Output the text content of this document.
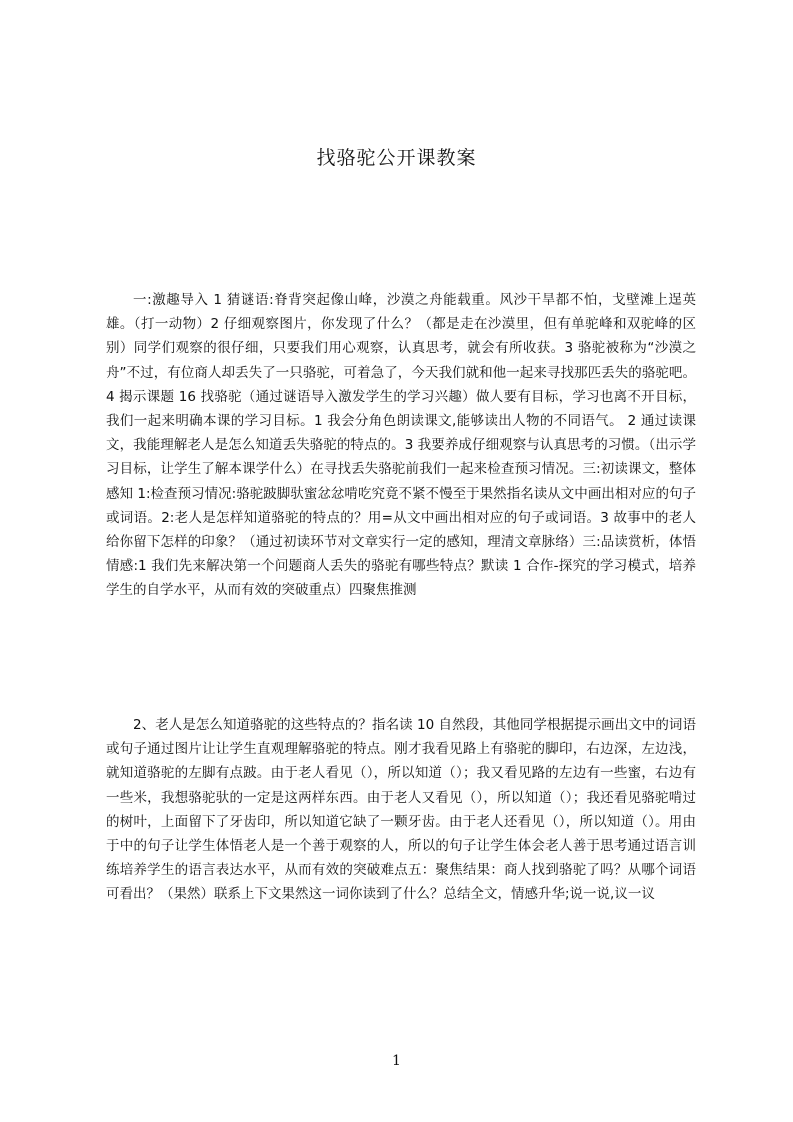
找骆驼公开课教案

一:激趣导入 1 猜谜语:脊背突起像山峰，沙漠之舟能载重。风沙干旱都不怕，戈壁滩上逞英雄。（打一动物）2 仔细观察图片，你发现了什么？（都是走在沙漠里，但有单驼峰和双驼峰的区别）同学们观察的很仔细，只要我们用心观察，认真思考，就会有所收获。3 骆驼被称为“沙漠之舟”不过，有位商人却丢失了一只骆驼，可着急了，今天我们就和他一起来寻找那匹丢失的骆驼吧。4 揭示课题 16 找骆驼（通过谜语导入激发学生的学习兴趣）做人要有目标，学习也离不开目标，我们一起来明确本课的学习目标。1 我会分角色朗读课文,能够读出人物的不同语气。 2 通过读课文，我能理解老人是怎么知道丢失骆驼的特点的。3 我要养成仔细观察与认真思考的习惯。（出示学习目标，让学生了解本课学什么）在寻找丢失骆驼前我们一起来检查预习情况。三:初读课文，整体感知 1:检查预习情况:骆驼跛脚驮蜜忿忿啃吃究竟不紧不慢至于果然指名读从文中画出相对应的句子或词语。2:老人是怎样知道骆驼的特点的？用=从文中画出相对应的句子或词语。3 故事中的老人给你留下怎样的印象？（通过初读环节对文章实行一定的感知，理清文章脉络）三:品读赏析，体悟情感:1 我们先来解决第一个问题商人丢失的骆驼有哪些特点？默读 1 合作-探究的学习模式，培养学生的自学水平，从而有效的突破重点）四聚焦推测

2、老人是怎么知道骆驼的这些特点的？指名读 10 自然段，其他同学根据提示画出文中的词语或句子通过图片让让学生直观理解骆驼的特点。刚才我看见路上有骆驼的脚印，右边深，左边浅，就知道骆驼的左脚有点跛。由于老人看见（），所以知道（）；我又看见路的左边有一些蜜，右边有一些米，我想骆驼驮的一定是这两样东西。由于老人又看见（），所以知道（）；我还看见骆驼啃过的树叶，上面留下了牙齿印，所以知道它缺了一颗牙齿。由于老人还看见（），所以知道（）。用由于中的句子让学生体悟老人是一个善于观察的人，所以的句子让学生体会老人善于思考通过语言训练培养学生的语言表达水平，从而有效的突破难点五：聚焦结果：商人找到骆驼了吗？从哪个词语可看出？（果然）联系上下文果然这一词你读到了什么？总结全文，情感升华;说一说,议一议

1
